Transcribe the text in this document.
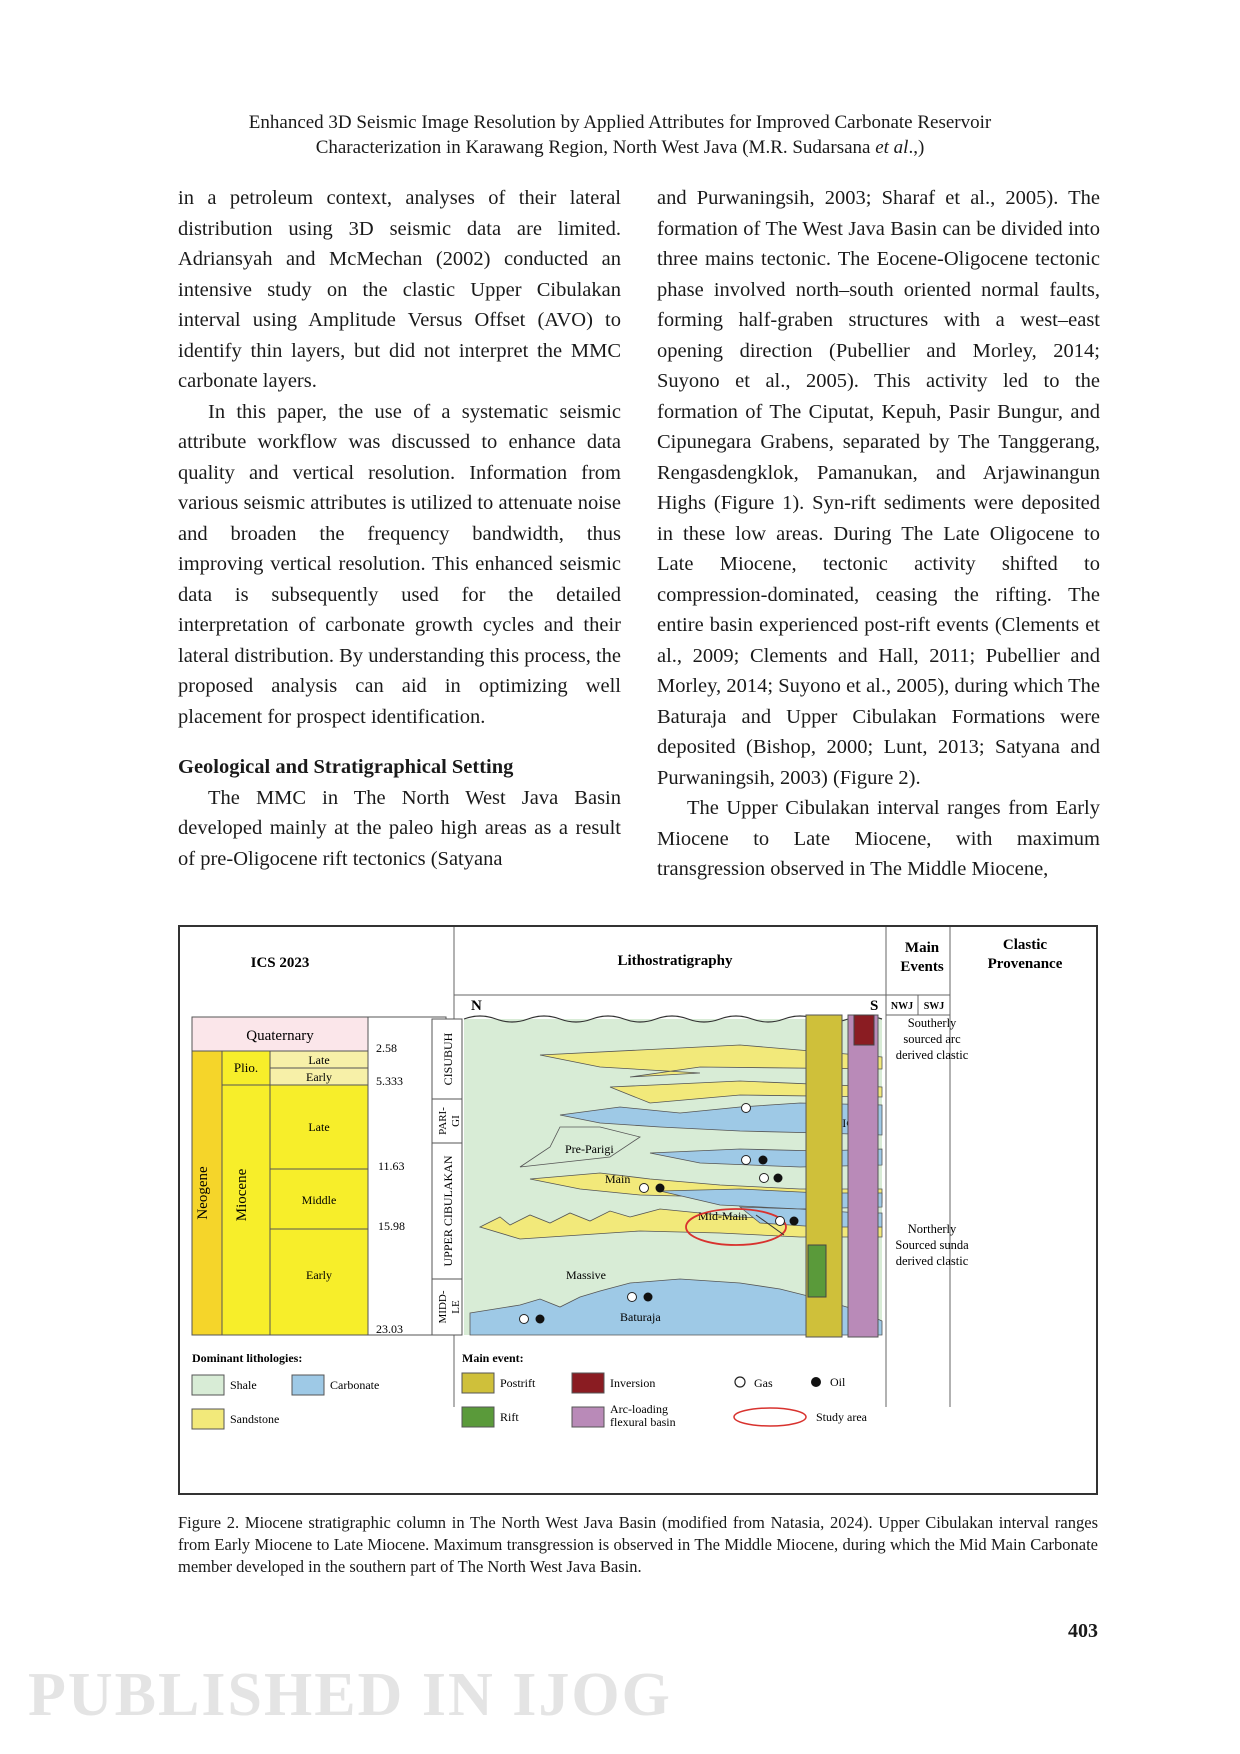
Enhanced 3D Seismic Image Resolution by Applied Attributes for Improved Carbonate Reservoir
Characterization in Karawang Region, North West Java (M.R. Sudarsana et al.,)

in a petroleum context, analyses of their lateral distribution using 3D seismic data are limited. Adriansyah and McMechan (2002) conducted an intensive study on the clastic Upper Cibulakan interval using Amplitude Versus Offset (AVO) to identify thin layers, but did not interpret the MMC carbonate layers.

In this paper, the use of a systematic seismic attribute workflow was discussed to enhance data quality and vertical resolution. Information from various seismic attributes is utilized to attenuate noise and broaden the frequency bandwidth, thus improving vertical resolution. This enhanced seismic data is subsequently used for the detailed interpretation of carbonate growth cycles and their lateral distribution. By understanding this process, the proposed analysis can aid in optimizing well placement for prospect identification.

Geological and Stratigraphical Setting

The MMC in The North West Java Basin developed mainly at the paleo high areas as a result of pre-Oligocene rift tectonics (Satyana

and Purwaningsih, 2003; Sharaf et al., 2005). The formation of The West Java Basin can be divided into three mains tectonic. The Eocene-Oligocene tectonic phase involved north–south oriented normal faults, forming half-graben structures with a west–east opening direction (Pubellier and Morley, 2014; Suyono et al., 2005). This activity led to the formation of The Ciputat, Kepuh, Pasir Bungur, and Cipunegara Grabens, separated by The Tanggerang, Rengasdengklok, Pamanukan, and Arjawinangun Highs (Figure 1). Syn-rift sediments were deposited in these low areas. During The Late Oligocene to Late Miocene, tectonic activity shifted to compression-dominated, ceasing the rifting. The entire basin experienced post-rift events (Clements et al., 2009; Clements and Hall, 2011; Pubellier and Morley, 2014; Suyono et al., 2005), during which The Baturaja and Upper Cibulakan Formations were deposited (Bishop, 2000; Lunt, 2013; Satyana and Purwaningsih, 2003) (Figure 2).

The Upper Cibulakan interval ranges from Early Miocene to Late Miocene, with maximum transgression observed in The Middle Miocene,

ICS 2023	Lithostratigraphy
Main
Events
Clastic
Provenance
N	S NWJ SWJ
Quaternary
Neogene
Plio.	Late
Early
Miocene
Late
Middle
Early
2.58
5.333
11.63
15.98
23.03
CISUBUH
PARI- GI
UPPER CIBULAKAN
MIDD- LE
Pre-Parigi
Main
Mid-Main
Massive
Baturaja
Southerly
sourced arc
derived clastic
Northerly
Sourced sunda
derived clastic
Dominant lithologies:
Shale	Carbonate
Sandstone
Main event:
Postrift
Rift
Inversion
Arc-loading
flexural basin
Gas	Oil
Study area
Figure 2. Miocene stratigraphic column in The North West Java Basin (modified from Natasia, 2024). Upper Cibulakan interval ranges from Early Miocene to Late Miocene. Maximum transgression is observed in The Middle Miocene, during which the Mid Main Carbonate member developed in the southern part of The North West Java Basin.
403
PUBLISHED IN IJOG
